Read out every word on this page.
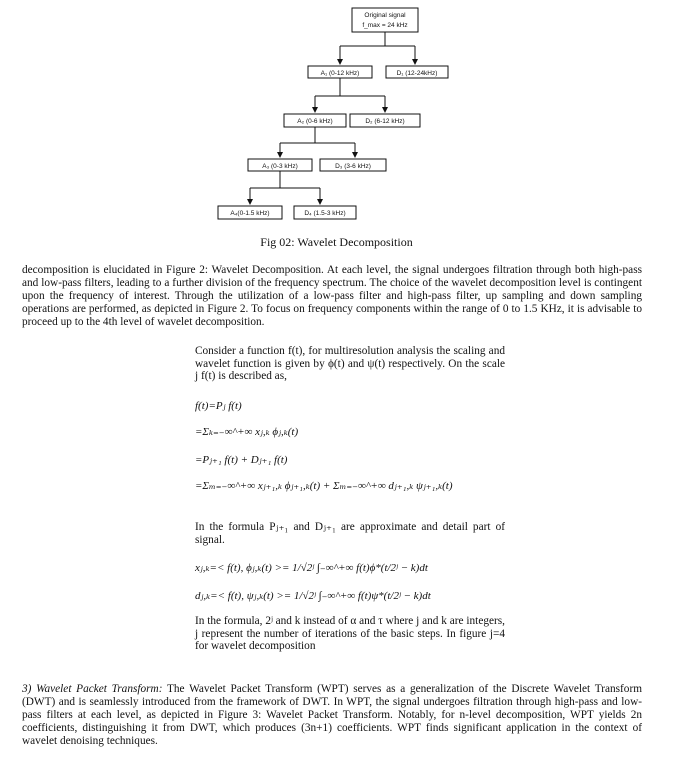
Original signal
f_max = 24 kHz
A₁ (0-12 kHz)	D₁ (12-24kHz)
A₂ (0-6 kHz)	D₂ (6-12 kHz)
A₃ (0-3 kHz)	D₃ (3-6 kHz)
A₄(0-1.5 kHz)	D₄ (1.5-3 kHz)
Fig 02: Wavelet Decomposition

decomposition is elucidated in Figure 2: Wavelet Decomposition. At each level, the signal undergoes filtration through both high-pass and low-pass filters, leading to a further division of the frequency spectrum. The choice of the wavelet decomposition level is contingent upon the frequency of interest. Through the utilization of a low-pass filter and high-pass filter, up sampling and down sampling operations are performed, as depicted in Figure 2. To focus on frequency components within the range of 0 to 1.5 KHz, it is advisable to proceed up to the 4th level of wavelet decomposition.

Consider a function f(t), for multiresolution analysis the scaling and wavelet function is given by ϕ(t) and ψ(t) respectively. On the scale j f(t) is described as,
f(t)=Pⱼ f(t)
=Σₖ₌₋∞^+∞ xⱼ,ₖ ϕⱼ,ₖ(t)
=Pⱼ₊₁ f(t) + Dⱼ₊₁ f(t)
=Σₘ₌₋∞^+∞ xⱼ₊₁,ₖ ϕⱼ₊₁,ₖ(t) + Σₘ₌₋∞^+∞ dⱼ₊₁,ₖ ψⱼ₊₁,ₖ(t)
In the formula Pⱼ₊₁ and Dⱼ₊₁ are approximate and detail part of signal.
xⱼ,ₖ=< f(t), ϕⱼ,ₖ(t) >= 1/√2ʲ ∫₋∞^+∞ f(t)ϕ*(t/2ʲ − k)dt
dⱼ,ₖ=< f(t), ψⱼ,ₖ(t) >= 1/√2ʲ ∫₋∞^+∞ f(t)ψ*(t/2ʲ − k)dt
In the formula, 2ʲ and k instead of α and τ where j and k are integers, j represent the number of iterations of the basic steps. In figure j=4 for wavelet decomposition

3) Wavelet Packet Transform: The Wavelet Packet Transform (WPT) serves as a generalization of the Discrete Wavelet Transform (DWT) and is seamlessly introduced from the framework of DWT. In WPT, the signal undergoes filtration through high-pass and low-pass filters at each level, as depicted in Figure 3: Wavelet Packet Transform. Notably, for n-level decomposition, WPT yields 2n coefficients, distinguishing it from DWT, which produces (3n+1) coefficients. WPT finds significant application in the context of wavelet denoising techniques.
